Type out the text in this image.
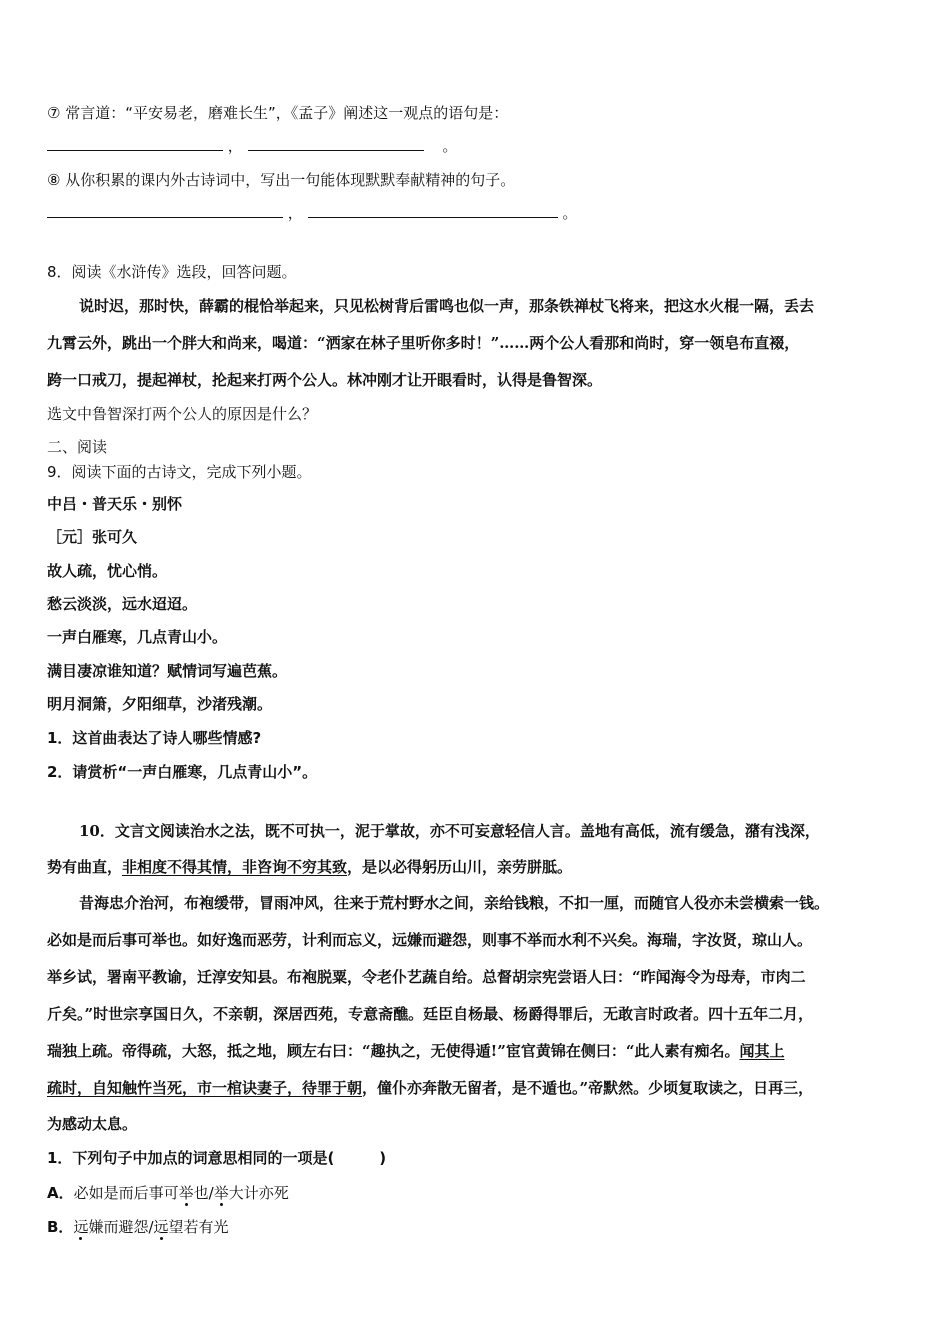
⑦ 常言道：“平安易老，磨难长生”，《孟子》阐述这一观点的语句是：
，	。
⑧ 从你积累的课内外古诗词中，写出一句能体现默默奉献精神的句子。
，	。
8．阅读《水浒传》选段，回答问题。
说时迟，那时快，薛霸的棍恰举起来，只见松树背后雷鸣也似一声，那条铁禅杖飞将来，把这水火棍一隔，丢去
九霄云外，跳出一个胖大和尚来，喝道：“洒家在林子里听你多时！”……两个公人看那和尚时，穿一领皂布直裰，
跨一口戒刀，提起禅杖，抡起来打两个公人。林冲刚才让开眼看时，认得是鲁智深。
选文中鲁智深打两个公人的原因是什么？
二、阅读
9．阅读下面的古诗文，完成下列小题。
中吕・普天乐・别怀
［元］张可久
故人疏，忧心悄。
愁云淡淡，远水迢迢。
一声白雁寒，几点青山小。
满目凄凉谁知道？赋情词写遍芭蕉。
明月洞箫，夕阳细草，沙渚残潮。
1．这首曲表达了诗人哪些情感?
2．请赏析“一声白雁寒，几点青山小”。
10．文言文阅读治水之法，既不可执一，泥于掌故，亦不可妄意轻信人言。盖地有高低，流有缓急，潴有浅深，
势有曲直，非相度不得其情，非咨询不穷其致，是以必得躬历山川，亲劳胼胝。
昔海忠介治河，布袍缓带，冒雨冲风，往来于荒村野水之间，亲给钱粮，不扣一厘，而随官人役亦未尝横索一钱。
必如是而后事可举也。如好逸而恶劳，计利而忘义，远嫌而避怨，则事不举而水利不兴矣。海瑞，字汝贤，琼山人。
举乡试，署南平教谕，迁淳安知县。布袍脱粟，令老仆艺蔬自给。总督胡宗宪尝语人曰：“昨闻海令为母寿，市肉二
斤矣。”时世宗享国日久，不亲朝，深居西苑，专意斋醮。廷臣自杨最、杨爵得罪后，无敢言时政者。四十五年二月，
瑞独上疏。帝得疏，大怒，抵之地，顾左右曰：“趣执之，无使得遁!”宦官黄锦在侧曰：“此人素有痴名。闻其上
疏时，自知触忤当死，市一棺诀妻子，待罪于朝，僮仆亦奔散无留者，是不遁也。”帝默然。少顷复取读之，日再三，
为感动太息。
1．下列句子中加点的词意思相同的一项是(　　　)
A．必如是而后事可举也/举大计亦死
B．远嫌而避怨/远望若有光
